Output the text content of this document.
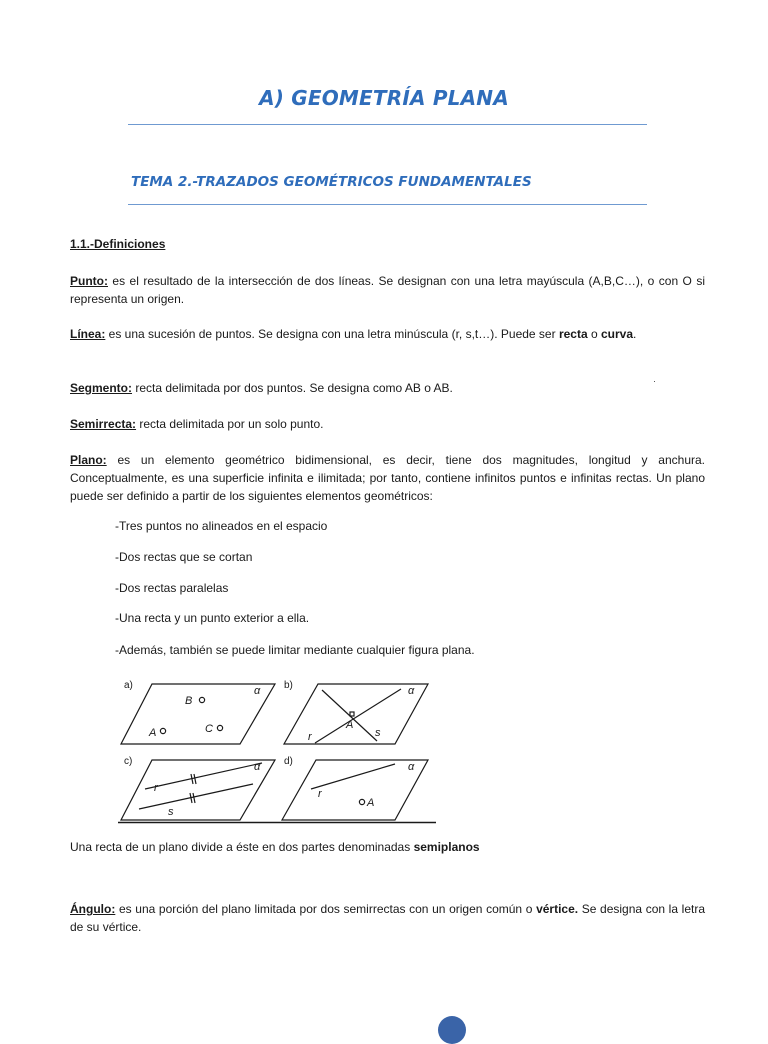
A) GEOMETRÍA PLANA
TEMA 2.-TRAZADOS GEOMÉTRICOS FUNDAMENTALES
1.1.-Definiciones

Punto: es el resultado de la intersección de dos líneas. Se designan con una letra mayúscula (A,B,C…), o con O si representa un origen.

Línea: es una sucesión de puntos. Se designa con una letra minúscula (r, s,t…). Puede ser recta o curva.

Segmento: recta delimitada por dos puntos. Se designa como AB o AB.

Semirrecta: recta delimitada por un solo punto.

Plano: es un elemento geométrico bidimensional, es decir, tiene dos magnitudes, longitud y anchura. Conceptualmente, es una superficie infinita e ilimitada; por tanto, contiene infinitos puntos e infinitas rectas. Un plano puede ser definido a partir de los siguientes elementos geométricos:

-Tres puntos no alineados en el espacio

-Dos rectas que se cortan

-Dos rectas paralelas

-Una recta y un punto exterior a ella.

-Además, también se puede limitar mediante cualquier figura plana.

a)	b)
c)	d)
α
B
C
A
α
A
r	s
α
r
s
α
r
A

Una recta de un plano divide a éste en dos partes denominadas semiplanos

Ángulo: es una porción del plano limitada por dos semirrectas con un origen común o vértice. Se designa con la letra de su vértice.
